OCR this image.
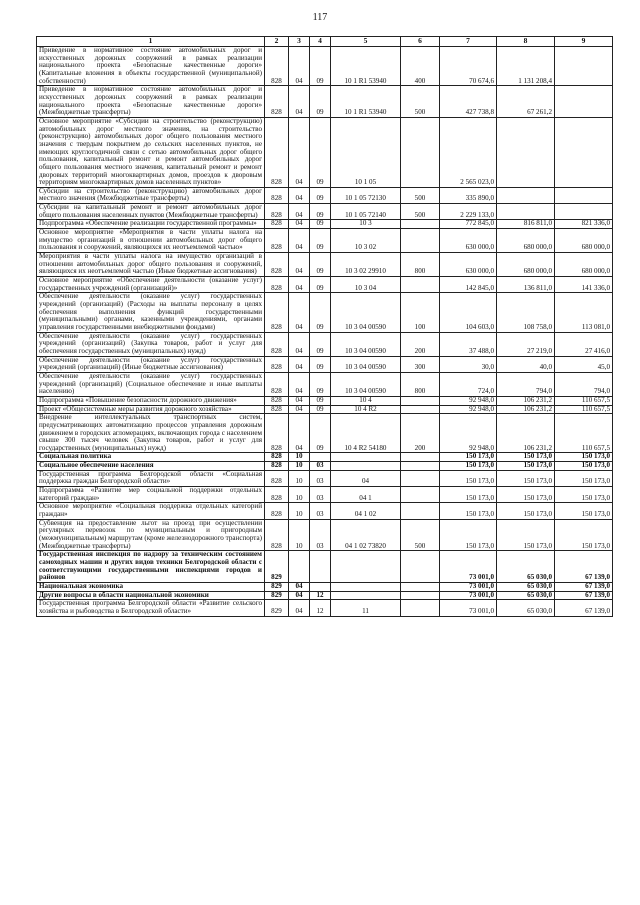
117
1	2	3	4	5	6	7	8	9
Приведение в нормативное состояние автомобильных дорог и искусственных дорожных сооружений в рамках реализации национального проекта «Безопасные качественные дороги» (Капитальные вложения в объекты государственной (муниципальной) собственности)	828	04	09	10 1 R1 53940	400	70 674,6	1 131 208,4	
Приведение в нормативное состояние автомобильных дорог и искусственных дорожных сооружений в рамках реализации национального проекта «Безопасные качественные дороги» (Межбюджетные трансферты)	828	04	09	10 1 R1 53940	500	427 738,8	67 261,2	
Основное мероприятие «Субсидии на строительство (реконструкцию) автомобильных дорог местного значения, на строительство (реконструкцию) автомобильных дорог общего пользования местного значения с твердым покрытием до сельских населенных пунктов, не имеющих круглогодичной связи с сетью автомобильных дорог общего пользования, капитальный ремонт и ремонт автомобильных дорог общего пользования местного значения, капитальный ремонт и ремонт дворовых территорий многоквартирных домов, проездов к дворовым территориям многоквартирных домов населенных пунктов»	828	04	09	10 1 05		2 565 023,0		
Субсидии на строительство (реконструкцию) автомобильных дорог местного значения (Межбюджетные трансферты)	828	04	09	10 1 05 72130	500	335 890,0		
Субсидии на капитальный ремонт и ремонт автомобильных дорог общего пользования населенных пунктов (Межбюджетные трансферты)	828	04	09	10 1 05 72140	500	2 229 133,0		
Подпрограмма «Обеспечение реализации государственной программы»	828	04	09	10 3		772 845,0	816 811,0	821 336,0
Основное мероприятие «Мероприятия в части уплаты налога на имущество организаций в отношении автомобильных дорог общего пользования и сооружений, являющихся их неотъемлемой частью»	828	04	09	10 3 02		630 000,0	680 000,0	680 000,0
Мероприятия в части уплаты налога на имущество организаций в отношении автомобильных дорог общего пользования и сооружений, являющихся их неотъемлемой частью (Иные бюджетные ассигнования)	828	04	09	10 3 02 29910	800	630 000,0	680 000,0	680 000,0
Основное мероприятие «Обеспечение деятельности (оказание услуг) государственных учреждений (организаций)»	828	04	09	10 3 04		142 845,0	136 811,0	141 336,0
Обеспечение деятельности (оказание услуг) государственных учреждений (организаций) (Расходы на выплаты персоналу в целях обеспечения выполнения функций государственными (муниципальными) органами, казенными учреждениями, органами управления государственными внебюджетными фондами)	828	04	09	10 3 04 00590	100	104 603,0	108 758,0	113 081,0
Обеспечение деятельности (оказание услуг) государственных учреждений (организаций) (Закупка товаров, работ и услуг для обеспечения государственных (муниципальных) нужд)	828	04	09	10 3 04 00590	200	37 488,0	27 219,0	27 416,0
Обеспечение деятельности (оказание услуг) государственных учреждений (организаций) (Иные бюджетные ассигнования)	828	04	09	10 3 04 00590	300	30,0	40,0	45,0
Обеспечение деятельности (оказание услуг) государственных учреждений (организаций) (Социальное обеспечение и иные выплаты населению)	828	04	09	10 3 04 00590	800	724,0	794,0	794,0
Подпрограмма «Повышение безопасности дорожного движения»	828	04	09	10 4		92 948,0	106 231,2	110 657,5
Проект «Общесистемные меры развития дорожного хозяйства»	828	04	09	10 4 R2		92 948,0	106 231,2	110 657,5
Внедрение интеллектуальных транспортных систем, предусматривающих автоматизацию процессов управления дорожным движением в городских агломерациях, включающих города с населением свыше 300 тысяч человек (Закупка товаров, работ и услуг для государственных (муниципальных) нужд)	828	04	09	10 4 R2 54180	200	92 948,0	106 231,2	110 657,5
Социальная политика	828	10				150 173,0	150 173,0	150 173,0
Социальное обеспечение населения	828	10	03			150 173,0	150 173,0	150 173,0
Государственная программа Белгородской области «Социальная поддержка граждан Белгородской области»	828	10	03	04		150 173,0	150 173,0	150 173,0
Подпрограмма «Развитие мер социальной поддержки отдельных категорий граждан»	828	10	03	04 1		150 173,0	150 173,0	150 173,0
Основное мероприятие «Социальная поддержка отдельных категорий граждан»	828	10	03	04 1 02		150 173,0	150 173,0	150 173,0
Субвенция на предоставление льгот на проезд при осуществлении регулярных перевозок по муниципальным и пригородным (межмуниципальным) маршрутам (кроме железнодорожного транспорта) (Межбюджетные трансферты)	828	10	03	04 1 02 73820	500	150 173,0	150 173,0	150 173,0
Государственная инспекция по надзору за техническим состоянием самоходных машин и других видов техники Белгородской области с соответствующими государственными инспекциями городов и районов	829					73 001,0	65 030,0	67 139,0
Национальная экономика	829	04				73 001,0	65 030,0	67 139,0
Другие вопросы в области национальной экономики	829	04	12			73 001,0	65 030,0	67 139,0
Государственная программа Белгородской области «Развитие сельского хозяйства и рыбоводства в Белгородской области»	829	04	12	11		73 001,0	65 030,0	67 139,0
